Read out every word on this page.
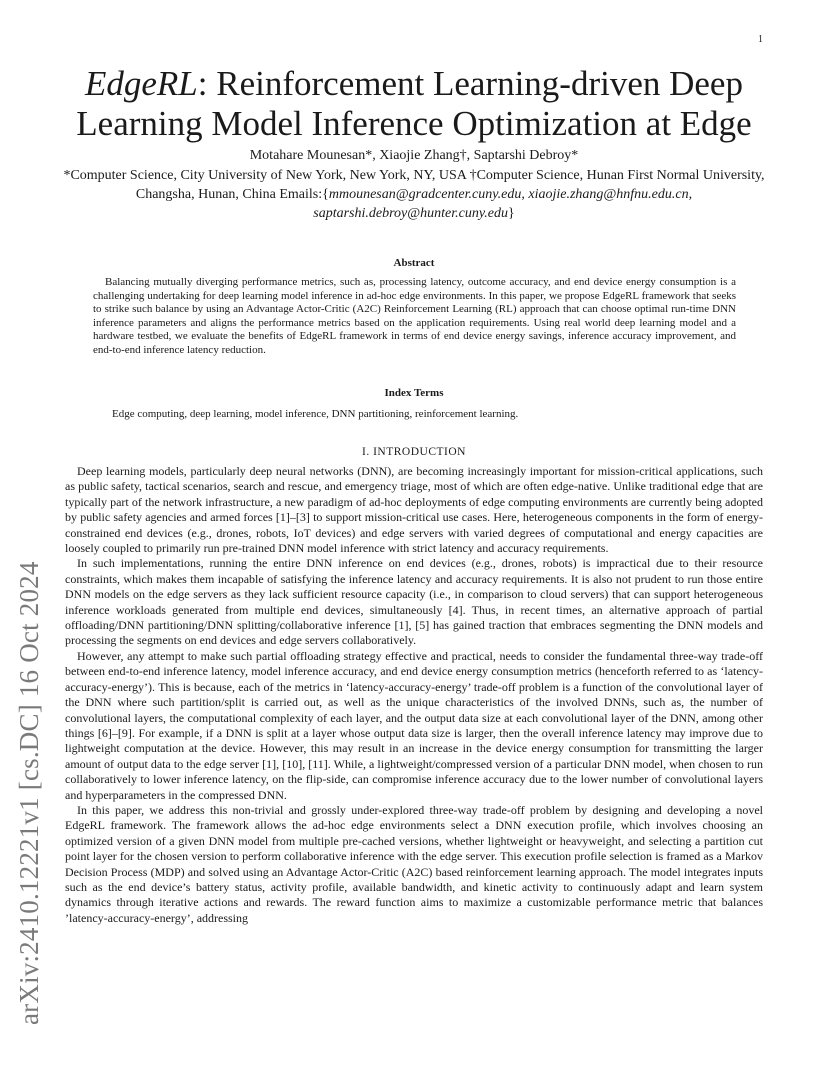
1
arXiv:2410.12221v1 [cs.DC] 16 Oct 2024
EdgeRL: Reinforcement Learning-driven Deep Learning Model Inference Optimization at Edge
Motahare Mounesan*, Xiaojie Zhang†, Saptarshi Debroy*
*Computer Science, City University of New York, New York, NY, USA †Computer Science, Hunan First Normal University, Changsha, Hunan, China Emails:{mmounesan@gradcenter.cuny.edu, xiaojie.zhang@hnfnu.edu.cn, saptarshi.debroy@hunter.cuny.edu}
Abstract
Balancing mutually diverging performance metrics, such as, processing latency, outcome accuracy, and end device energy consumption is a challenging undertaking for deep learning model inference in ad-hoc edge environments. In this paper, we propose EdgeRL framework that seeks to strike such balance by using an Advantage Actor-Critic (A2C) Reinforcement Learning (RL) approach that can choose optimal run-time DNN inference parameters and aligns the performance metrics based on the application requirements. Using real world deep learning model and a hardware testbed, we evaluate the benefits of EdgeRL framework in terms of end device energy savings, inference accuracy improvement, and end-to-end inference latency reduction.
Index Terms
Edge computing, deep learning, model inference, DNN partitioning, reinforcement learning.
I. INTRODUCTION

Deep learning models, particularly deep neural networks (DNN), are becoming increasingly important for mission-critical applications, such as public safety, tactical scenarios, search and rescue, and emergency triage, most of which are often edge-native. Unlike traditional edge that are typically part of the network infrastructure, a new paradigm of ad-hoc deployments of edge computing environments are currently being adopted by public safety agencies and armed forces [1]–[3] to support mission-critical use cases. Here, heterogeneous components in the form of energy-constrained end devices (e.g., drones, robots, IoT devices) and edge servers with varied degrees of computational and energy capacities are loosely coupled to primarily run pre-trained DNN model inference with strict latency and accuracy requirements.

In such implementations, running the entire DNN inference on end devices (e.g., drones, robots) is impractical due to their resource constraints, which makes them incapable of satisfying the inference latency and accuracy requirements. It is also not prudent to run those entire DNN models on the edge servers as they lack sufficient resource capacity (i.e., in comparison to cloud servers) that can support heterogeneous inference workloads generated from multiple end devices, simultaneously [4]. Thus, in recent times, an alternative approach of partial offloading/DNN partitioning/DNN splitting/collaborative inference [1], [5] has gained traction that embraces segmenting the DNN models and processing the segments on end devices and edge servers collaboratively.

However, any attempt to make such partial offloading strategy effective and practical, needs to consider the fundamental three-way trade-off between end-to-end inference latency, model inference accuracy, and end device energy consumption metrics (henceforth referred to as ‘latency-accuracy-energy’). This is because, each of the metrics in ‘latency-accuracy-energy’ trade-off problem is a function of the convolutional layer of the DNN where such partition/split is carried out, as well as the unique characteristics of the involved DNNs, such as, the number of convolutional layers, the computational complexity of each layer, and the output data size at each convolutional layer of the DNN, among other things [6]–[9]. For example, if a DNN is split at a layer whose output data size is larger, then the overall inference latency may improve due to lightweight computation at the device. However, this may result in an increase in the device energy consumption for transmitting the larger amount of output data to the edge server [1], [10], [11]. While, a lightweight/compressed version of a particular DNN model, when chosen to run collaboratively to lower inference latency, on the flip-side, can compromise inference accuracy due to the lower number of convolutional layers and hyperparameters in the compressed DNN.

In this paper, we address this non-trivial and grossly under-explored three-way trade-off problem by designing and developing a novel EdgeRL framework. The framework allows the ad-hoc edge environments select a DNN execution profile, which involves choosing an optimized version of a given DNN model from multiple pre-cached versions, whether lightweight or heavyweight, and selecting a partition cut point layer for the chosen version to perform collaborative inference with the edge server. This execution profile selection is framed as a Markov Decision Process (MDP) and solved using an Advantage Actor-Critic (A2C) based reinforcement learning approach. The model integrates inputs such as the end device’s battery status, activity profile, available bandwidth, and kinetic activity to continuously adapt and learn system dynamics through iterative actions and rewards. The reward function aims to maximize a customizable performance metric that balances ’latency-accuracy-energy’, addressing
